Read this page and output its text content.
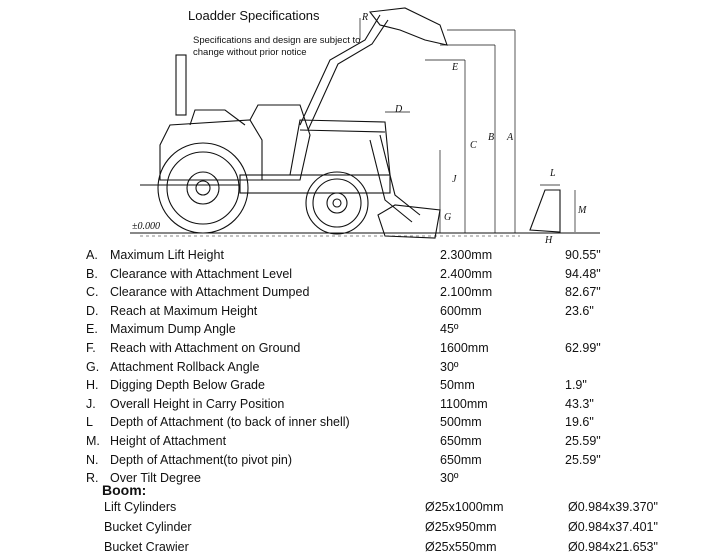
±0.000
R
E
D
C
B A
J
G
L
M
H
Loadder Specifications
Specifications and design are subject to
change without prior notice
A. Maximum Lift Height	2.300mm	90.55"
B. Clearance with Attachment Level	2.400mm	94.48"
C. Clearance with Attachment Dumped	2.100mm	82.67"
D. Reach at Maximum Height	600mm	23.6"
E. Maximum Dump Angle	45º
F. Reach with Attachment on Ground	1600mm	62.99"
G. Attachment Rollback Angle	30º
H. Digging Depth Below Grade	50mm	1.9"
J. Overall Height in Carry Position	1100mm	43.3"
L Depth of Attachment (to back of inner shell)	500mm	19.6"
M. Height of Attachment	650mm	25.59"
N. Depth of Attachment(to pivot pin)	650mm	25.59"
R. Over Tilt Degree	30º
Boom:
Lift Cylinders	Ø25x1000mm	Ø0.984x39.370"
Bucket Cylinder	Ø25x950mm	Ø0.984x37.401"
Bucket Crawier	Ø25x550mm	Ø0.984x21.653"
